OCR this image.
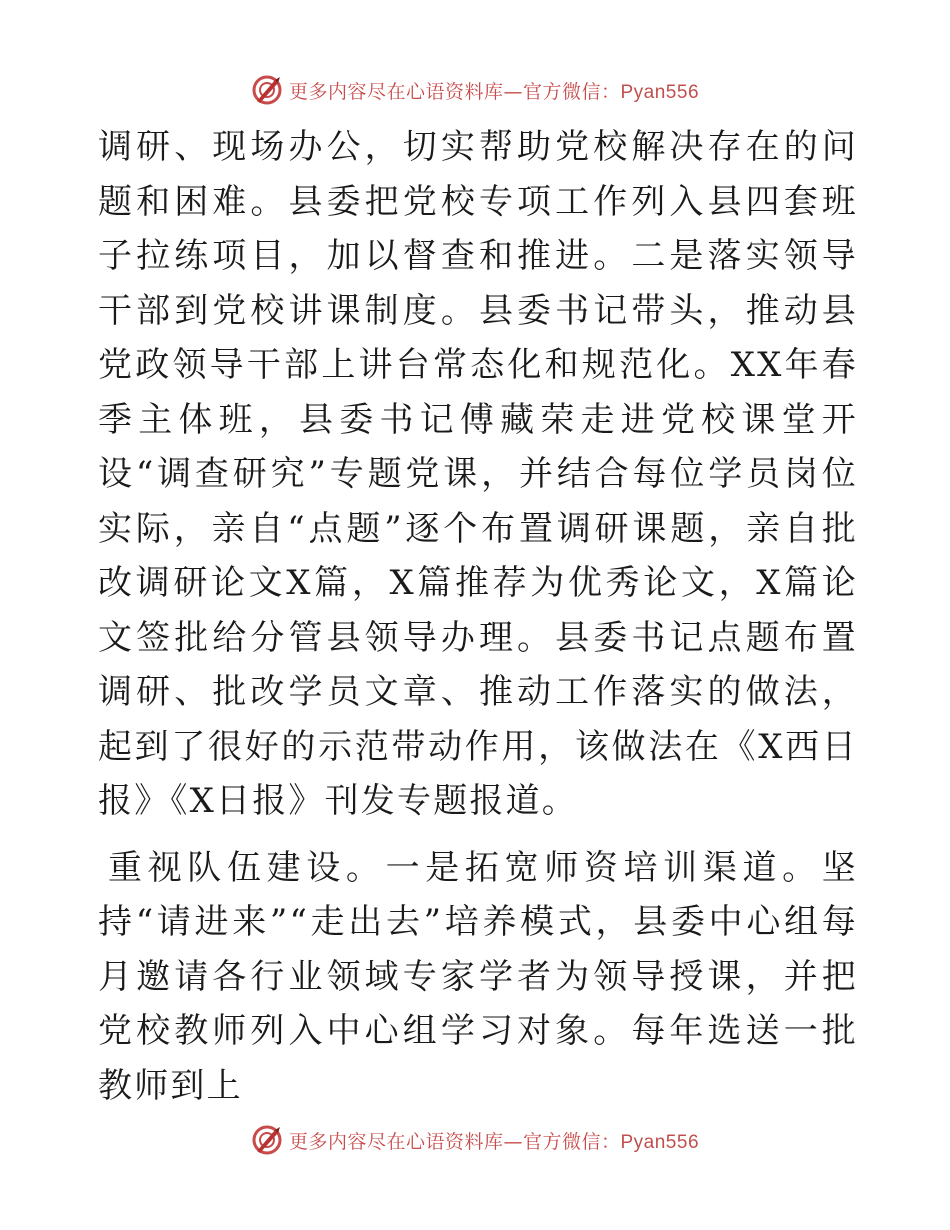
更多内容尽在心语资料库—官方微信：Pyan556

调研、现场办公，切实帮助党校解决存在的问题和困难。县委把党校专项工作列入县四套班子拉练项目，加以督查和推进。二是落实领导干部到党校讲课制度。县委书记带头，推动县党政领导干部上讲台常态化和规范化。XX年春季主体班，县委书记傅藏荣走进党校课堂开设“调查研究”专题党课，并结合每位学员岗位实际，亲自“点题”逐个布置调研课题，亲自批改调研论文X篇，X篇推荐为优秀论文，X篇论文签批给分管县领导办理。县委书记点题布置调研、批改学员文章、推动工作落实的做法，起到了很好的示范带动作用，该做法在《X西日报》《X日报》刊发专题报道。

重视队伍建设。一是拓宽师资培训渠道。坚持“请进来”“走出去”培养模式，县委中心组每月邀请各行业领域专家学者为领导授课，并把党校教师列入中心组学习对象。每年选送一批教师到上

更多内容尽在心语资料库—官方微信：Pyan556
